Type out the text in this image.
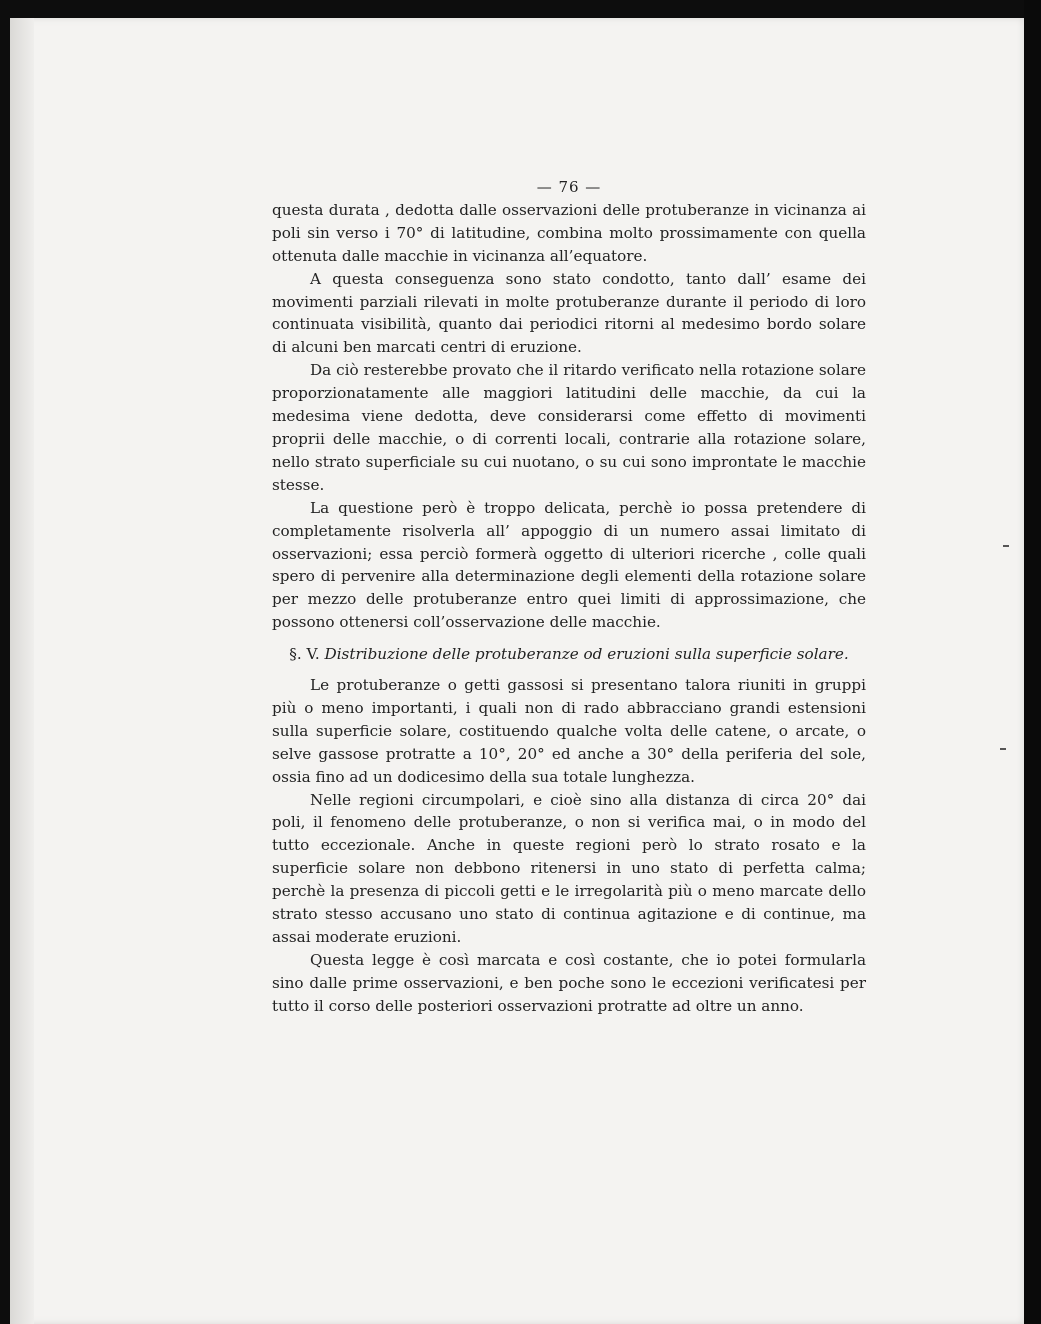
— 76 —

questa durata , dedotta dalle osservazioni delle protuberanze in vicinanza ai poli sin verso i 70° di latitudine, combina molto prossimamente con quella ottenuta dalle macchie in vicinanza all’equatore.

A questa conseguenza sono stato condotto, tanto dall’ esame dei movimenti parziali rilevati in molte protuberanze durante il periodo di loro continuata visibilità, quanto dai periodici ritorni al medesimo bordo solare di alcuni ben marcati centri di eruzione.

Da ciò resterebbe provato che il ritardo verificato nella rotazione solare proporzionatamente alle maggiori latitudini delle macchie, da cui la medesima viene dedotta, deve considerarsi come effetto di movimenti proprii delle macchie, o di correnti locali, contrarie alla rotazione solare, nello strato superficiale su cui nuotano, o su cui sono improntate le macchie stesse.

La questione però è troppo delicata, perchè io possa pretendere di completamente risolverla all’ appoggio di un numero assai limitato di osservazioni; essa perciò formerà oggetto di ulteriori ricerche , colle quali spero di pervenire alla determinazione degli elementi della rotazione solare per mezzo delle protuberanze entro quei limiti di approssimazione, che possono ottenersi coll’osservazione delle macchie.

§. V. Distribuzione delle protuberanze od eruzioni sulla superficie solare.

Le protuberanze o getti gassosi si presentano talora riuniti in gruppi più o meno importanti, i quali non di rado abbracciano grandi estensioni sulla superficie solare, costituendo qualche volta delle catene, o arcate, o selve gassose protratte a 10°, 20° ed anche a 30° della periferia del sole, ossia fino ad un dodicesimo della sua totale lunghezza.

Nelle regioni circumpolari, e cioè sino alla distanza di circa 20° dai poli, il fenomeno delle protuberanze, o non si verifica mai, o in modo del tutto eccezionale. Anche in queste regioni però lo strato rosato e la superficie solare non debbono ritenersi in uno stato di perfetta calma; perchè la presenza di piccoli getti e le irregolarità più o meno marcate dello strato stesso accusano uno stato di continua agitazione e di continue, ma assai moderate eruzioni.

Questa legge è così marcata e così costante, che io potei formularla sino dalle prime osservazioni, e ben poche sono le eccezioni verificatesi per tutto il corso delle posteriori osservazioni protratte ad oltre un anno.
